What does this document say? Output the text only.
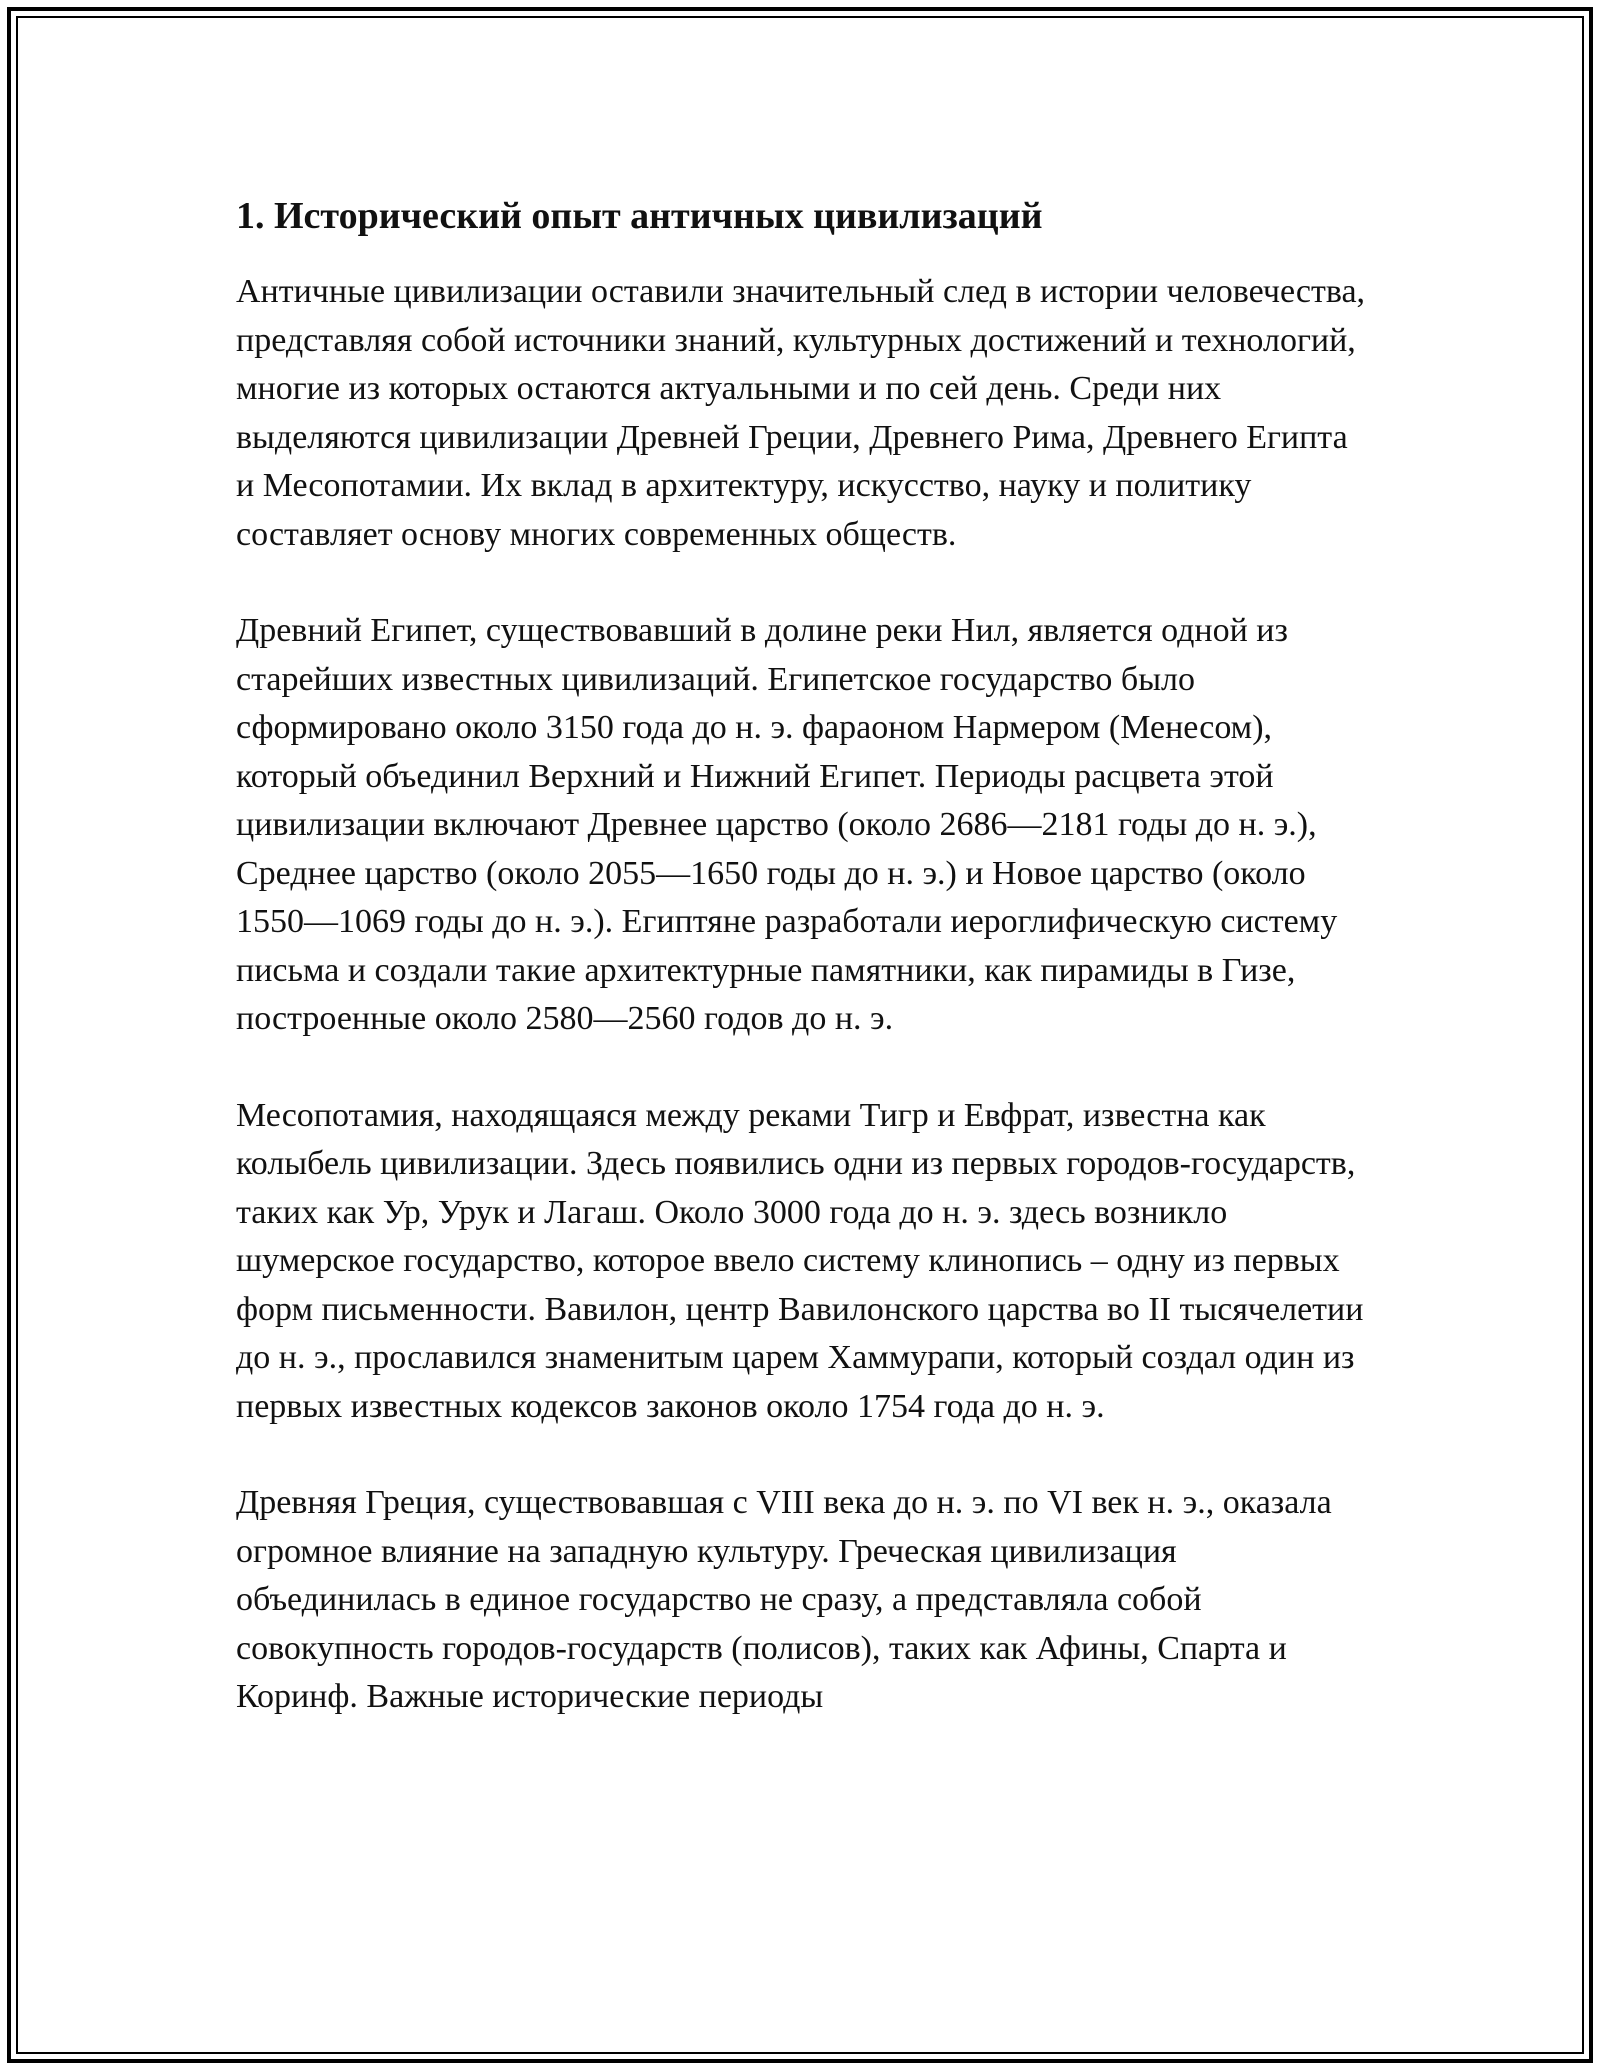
1. Исторический опыт античных цивилизаций

Античные цивилизации оставили значительный след в истории человечества, представляя собой источники знаний, культурных достижений и технологий, многие из которых остаются актуальными и по сей день. Среди них выделяются цивилизации Древней Греции, Древнего Рима, Древнего Египта и Месопотамии. Их вклад в архитектуру, искусство, науку и политику составляет основу многих современных обществ.

Древний Египет, существовавший в долине реки Нил, является одной из старейших известных цивилизаций. Египетское государство было сформировано около 3150 года до н. э. фараоном Нармером (Менесом), который объединил Верхний и Нижний Египет. Периоды расцвета этой цивилизации включают Древнее царство (около 2686—2181 годы до н. э.), Среднее царство (около 2055—1650 годы до н. э.) и Новое царство (около 1550—1069 годы до н. э.). Египтяне разработали иероглифическую систему письма и создали такие архитектурные памятники, как пирамиды в Гизе, построенные около 2580—2560 годов до н. э.

Месопотамия, находящаяся между реками Тигр и Евфрат, известна как колыбель цивилизации. Здесь появились одни из первых городов-государств, таких как Ур, Урук и Лагаш. Около 3000 года до н. э. здесь возникло шумерское государство, которое ввело систему клинопись – одну из первых форм письменности. Вавилон, центр Вавилонского царства во II тысячелетии до н. э., прославился знаменитым царем Хаммурапи, который создал один из первых известных кодексов законов около 1754 года до н. э.

Древняя Греция, существовавшая с VIII века до н. э. по VI век н. э., оказала огромное влияние на западную культуру. Греческая цивилизация объединилась в единое государство не сразу, а представляла собой совокупность городов-государств (полисов), таких как Афины, Спарта и Коринф. Важные исторические периоды
